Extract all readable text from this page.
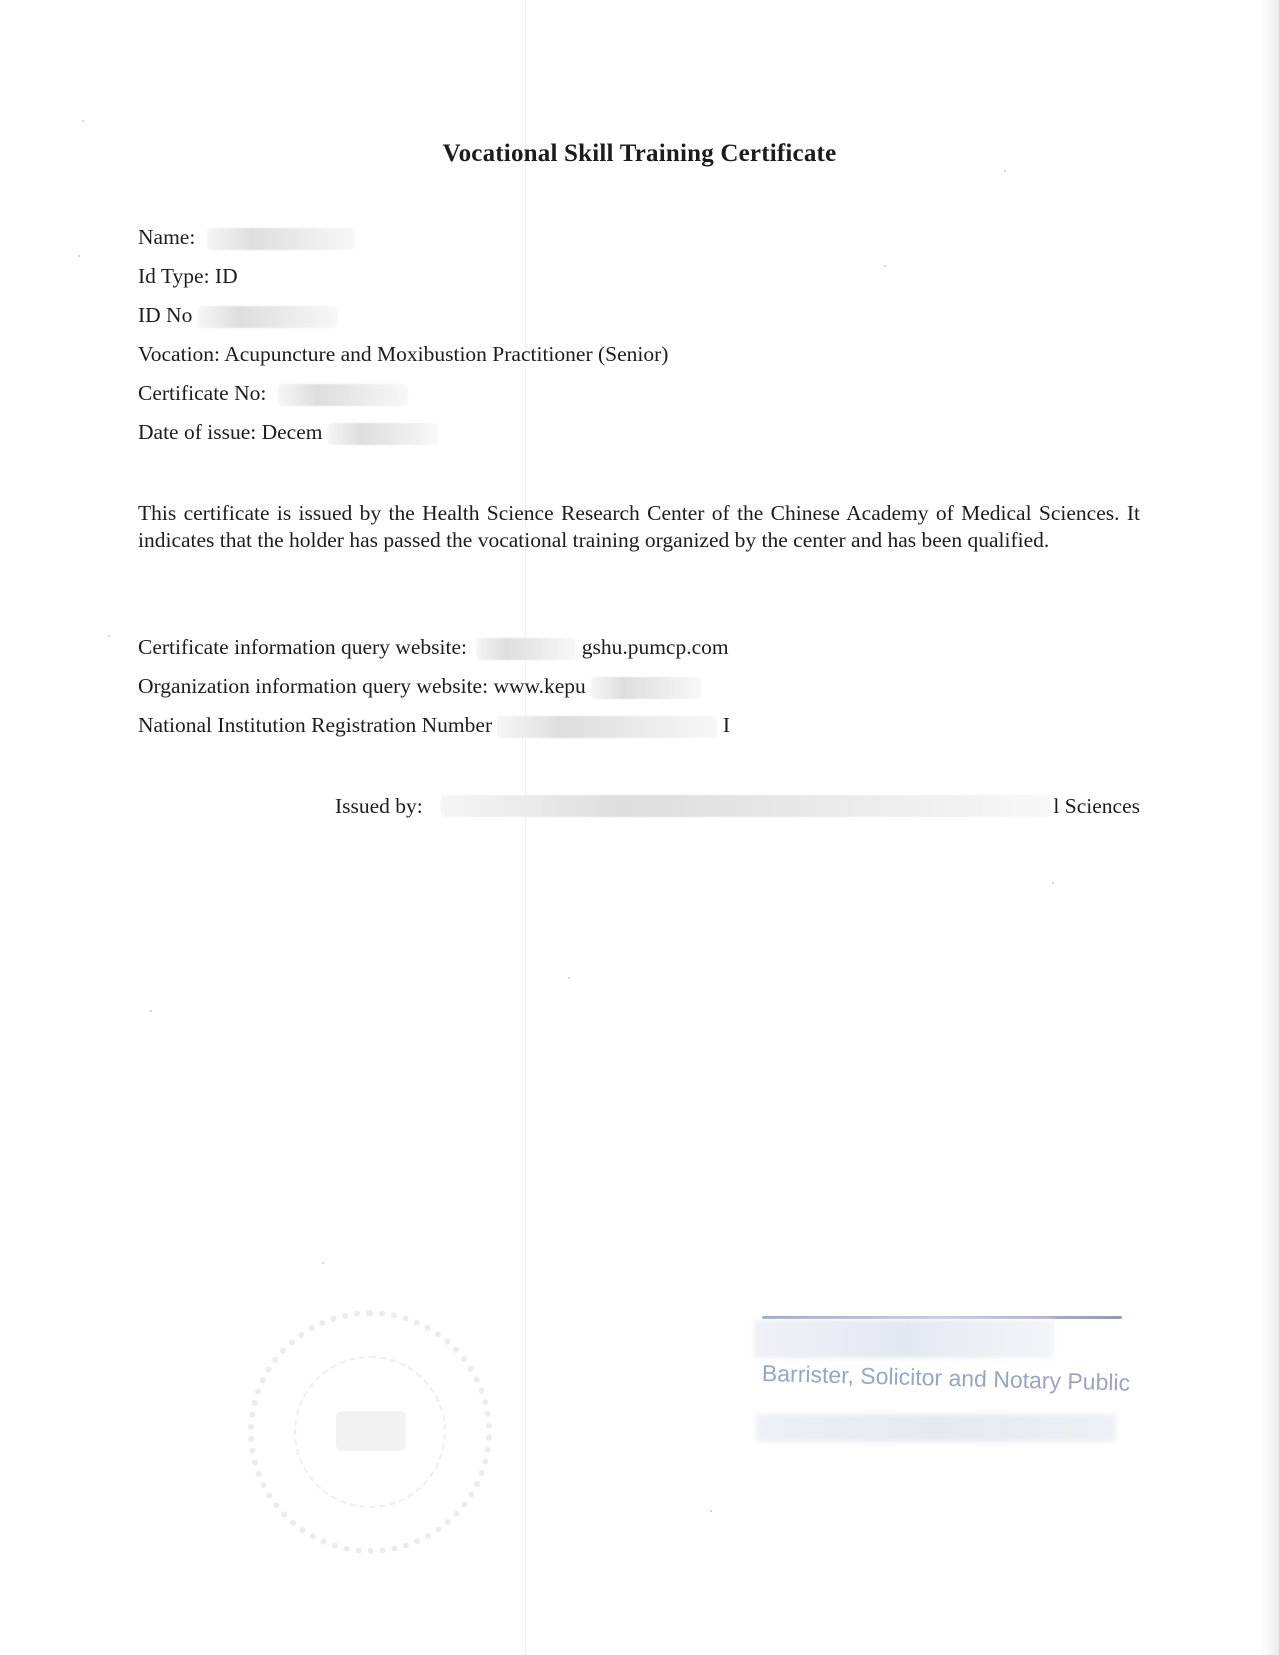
Vocational Skill Training Certificate
Name:
Id Type: ID
ID No
Vocation: Acupuncture and Moxibustion Practitioner (Senior)
Certificate No:
Date of issue: Decem
This certificate is issued by the Health Science Research Center of the Chinese Academy of Medical Sciences. It indicates that the holder has passed the vocational training organized by the center and has been qualified.
Certificate information query website:	gshu.pumcp.com
Organization information query website: www.kepu
National Institution Registration Number	I
Issued by:	l Sciences
Barrister, Solicitor and Notary Public
